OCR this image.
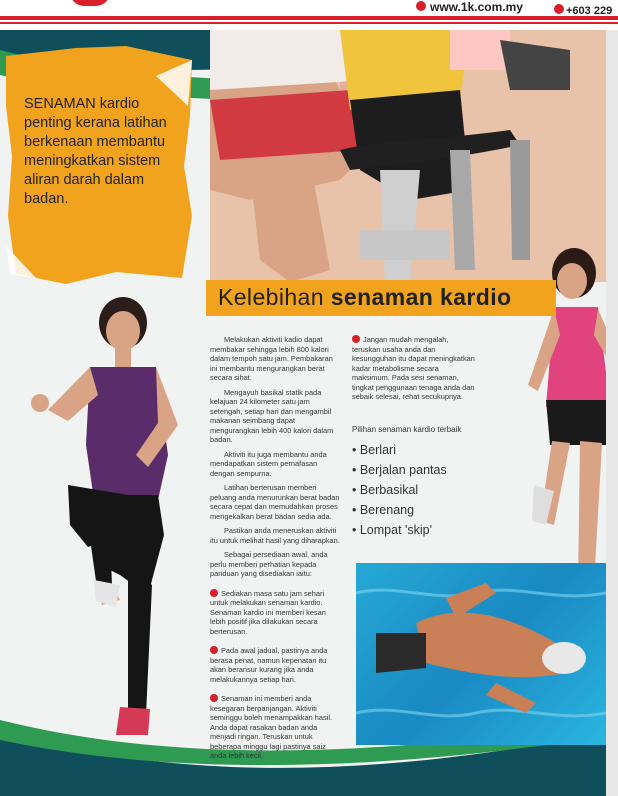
www.1k.com.my	+603 229
SENAMAN kardio penting kerana latihan berkenaan membantu meningkatkan sistem aliran darah dalam badan.
Kelebihan senaman kardio

Melakukan aktiviti kadio dapat membakar sehingga lebih 800 kalori dalam tempoh satu jam. Pembakaran ini membantu mengurangkan berat secara sihat.

Mengayuh basikal statik pada kelajuan 24 kilometer satu jam setengah, setiap hari dan mengambil makanan seimbang dapat mengurangkan lebih 400 kalori dalam badan.

Aktiviti itu juga membantu anda mendapatkan sistem pernafasan dengan sempurna.

Latihan berterusan memberi peluang anda menurunkan berat badan secara cepat dan memudahkan proses mengekalkan berat badan sedia ada.

Pastikan anda meneruskan aktiviti itu untuk melihat hasil yang diharapkan.

Sebagai persediaan awal, anda perlu memberi perhatian kepada panduan yang disediakan iaitu:

Sediakan masa satu jam sehari untuk melakukan senaman kardio. Senaman kardio ini memberi kesan lebih positif jika dilakukan secara berterusan.

Pada awal jadual, pastinya anda berasa penat, namun kepenatan itu akan beransur kurang jika anda melakukannya setiap hari.

Senaman ini memberi anda kesegaran berpanjangan. Aktiviti seminggu boleh menampakkan hasil. Anda dapat rasakan badan anda menjadi ringan. Teruskan untuk beberapa minggu lagi pastinya saiz anda lebih kecil.

Jangan mudah mengalah, teruskan usaha anda dan kesungguhan itu dapat meningkatkan kadar metabolisme secara maksimum. Pada sesi senaman, tingkat penggunaan tenaga anda dan sebaik selesai, rehat secukupnya.

Pilihan senaman kardio terbaik
• Berlari
• Berjalan pantas
• Berbasikal
• Berenang
• Lompat 'skip'
